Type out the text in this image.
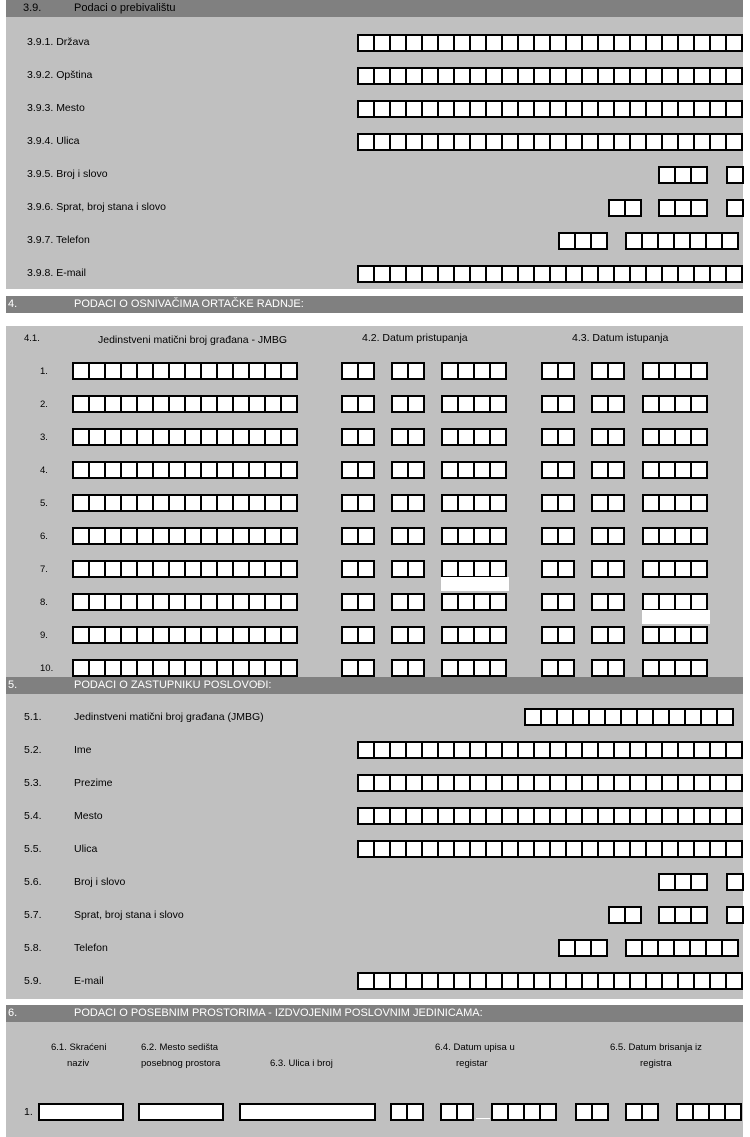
3.9.	Podaci o prebivalištu
3.9.1. Država
3.9.2. Opština
3.9.3. Mesto
3.9.4. Ulica
3.9.5. Broj i slovo
3.9.6. Sprat, broj stana i slovo
3.9.7. Telefon
3.9.8. E-mail
4.	PODACI O OSNIVAČIMA ORTAČKE RADNJE:
4.1.	Jedinstveni matični broj građana - JMBG	4.2. Datum pristupanja	4.3. Datum istupanja
1.
2.
3.
4.
5.
6.
7.
8.
9.
10.
5.	PODACI O ZASTUPNIKU POSLOVOĐI:
5.1.	Jedinstveni matični broj građana (JMBG)
5.2.	Ime
5.3.	Prezime
5.4.	Mesto
5.5.	Ulica
5.6.	Broj i slovo
5.7.	Sprat, broj stana i slovo
5.8.	Telefon
5.9.	E-mail
6.	PODACI O POSEBNIM PROSTORIMA - IZDVOJENIM POSLOVNIM JEDINICAMA:
6.1. Skraćeni
naziv
6.2. Mesto sedišta
posebnog prostora	6.3. Ulica i broj
6.4. Datum upisa u
registar
6.5. Datum brisanja iz
registra
1.
